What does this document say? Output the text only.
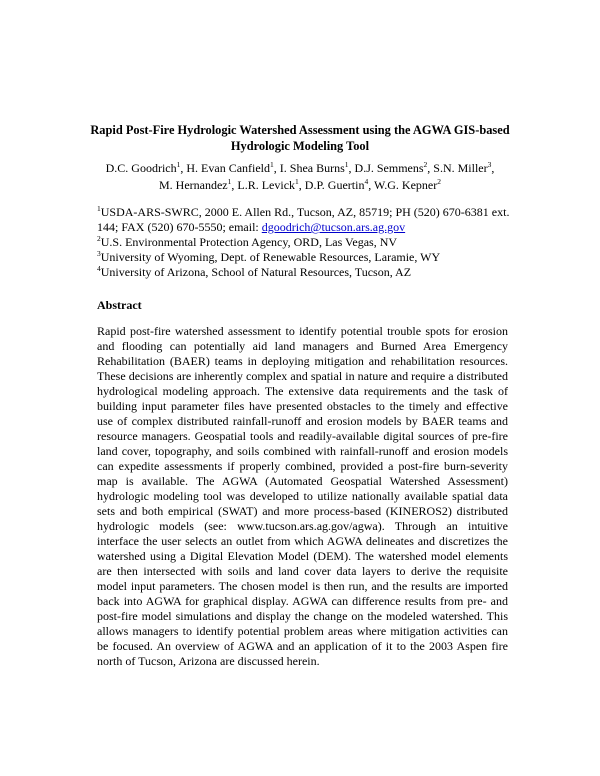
Rapid Post-Fire Hydrologic Watershed Assessment using the AGWA GIS-based Hydrologic Modeling Tool
D.C. Goodrich$^1$, H. Evan Canfield$^1$, I. Shea Burns$^1$, D.J. Semmens$^2$, S.N. Miller$^3$,
M. Hernandez$^1$, L.R. Levick$^1$, D.P. Guertin$^4$, W.G. Kepner$^2$
$^1$USDA-ARS-SWRC, 2000 E. Allen Rd., Tucson, AZ, 85719; PH (520) 670-6381 ext. 144; FAX (520) 670-5550; email: dgoodrich@tucson.ars.ag.gov
$^2$U.S. Environmental Protection Agency, ORD, Las Vegas, NV
$^3$University of Wyoming, Dept. of Renewable Resources, Laramie, WY
$^4$University of Arizona, School of Natural Resources, Tucson, AZ
Abstract

Rapid post-fire watershed assessment to identify potential trouble spots for erosion and flooding can potentially aid land managers and Burned Area Emergency Rehabilitation (BAER) teams in deploying mitigation and rehabilitation resources. These decisions are inherently complex and spatial in nature and require a distributed hydrological modeling approach. The extensive data requirements and the task of building input parameter files have presented obstacles to the timely and effective use of complex distributed rainfall-runoff and erosion models by BAER teams and resource managers. Geospatial tools and readily-available digital sources of pre-fire land cover, topography, and soils combined with rainfall-runoff and erosion models can expedite assessments if properly combined, provided a post-fire burn-severity map is available. The AGWA (Automated Geospatial Watershed Assessment) hydrologic modeling tool was developed to utilize nationally available spatial data sets and both empirical (SWAT) and more process-based (KINEROS2) distributed hydrologic models (see: www.tucson.ars.ag.gov/agwa). Through an intuitive interface the user selects an outlet from which AGWA delineates and discretizes the watershed using a Digital Elevation Model (DEM). The watershed model elements are then intersected with soils and land cover data layers to derive the requisite model input parameters. The chosen model is then run, and the results are imported back into AGWA for graphical display. AGWA can difference results from pre- and post-fire model simulations and display the change on the modeled watershed. This allows managers to identify potential problem areas where mitigation activities can be focused. An overview of AGWA and an application of it to the 2003 Aspen fire north of Tucson, Arizona are discussed herein.
